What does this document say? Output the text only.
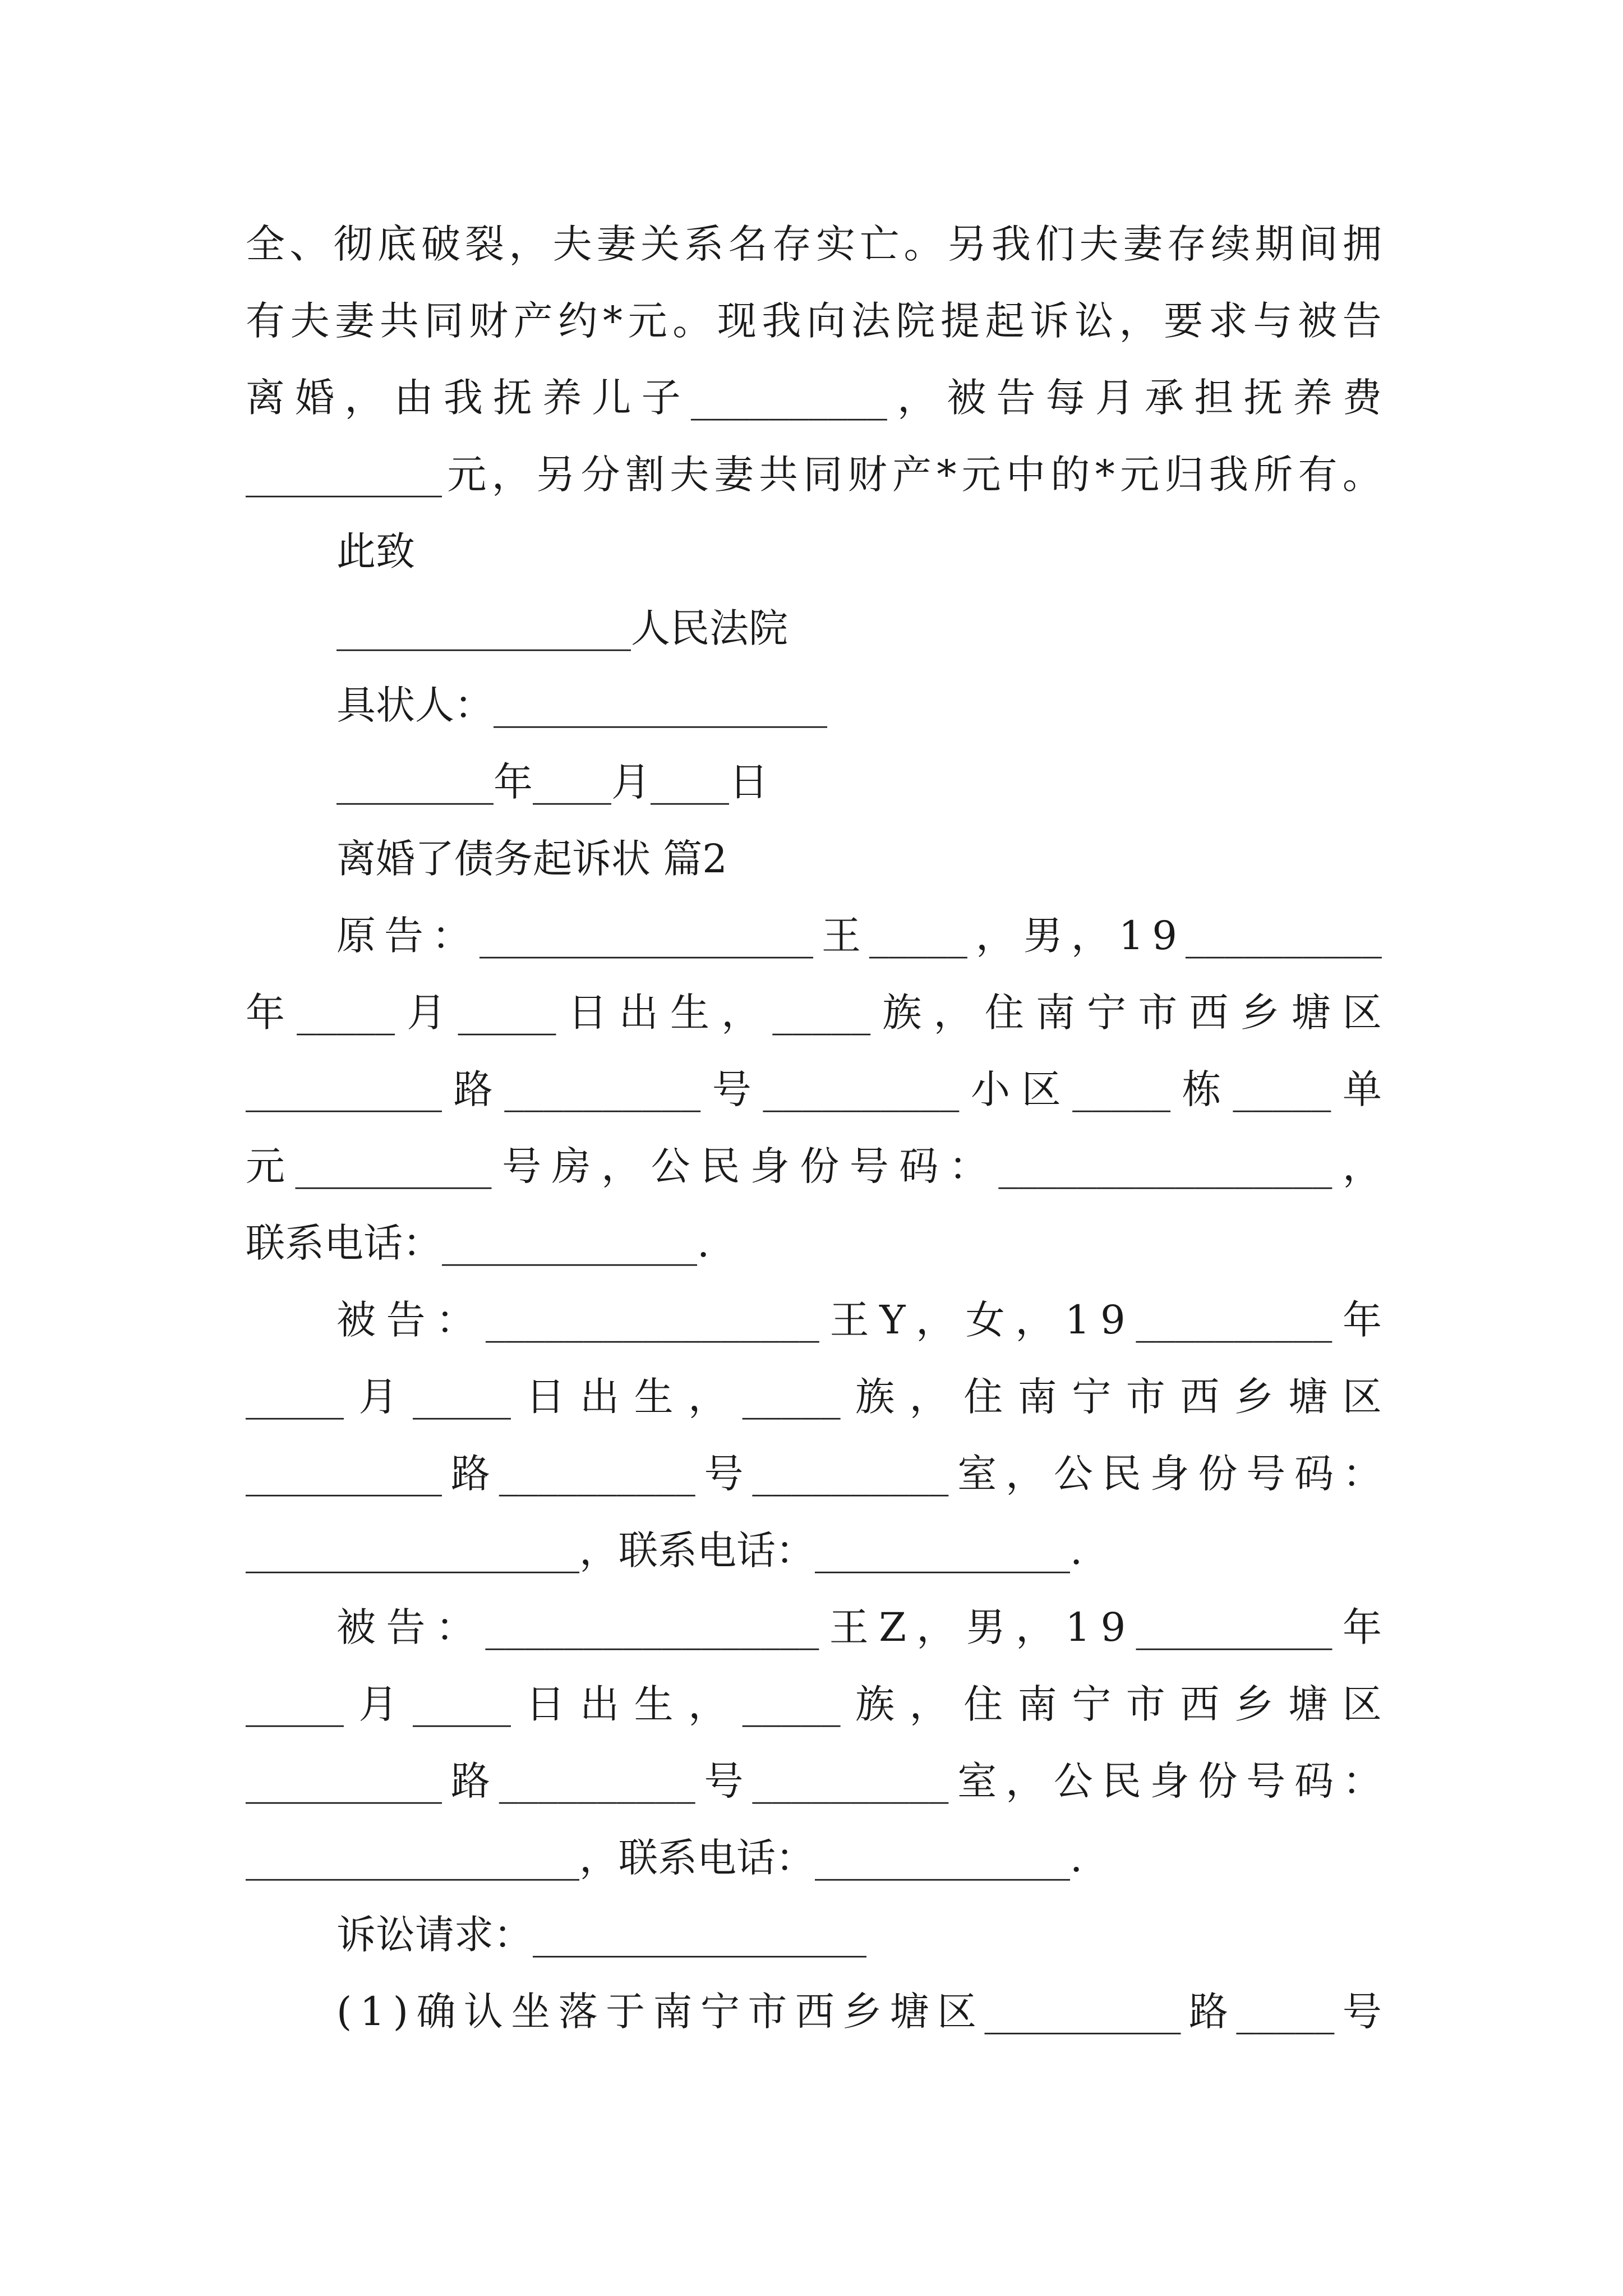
全 、 彻 底 破 裂 ， 夫 妻 关 系 名 存 实 亡 。 另 我 们 夫 妻 存 续 期 间 拥
有 夫 妻 共 同 财 产 约 * 元 。 现 我 向 法 院 提 起 诉 讼 ， 要 求 与 被 告
离 婚 ， 由 我 抚 养 儿 子 __________ ， 被 告 每 月 承 担 抚 养 费
__________ 元 ， 另 分 割 夫 妻 共 同 财 产 * 元 中 的 * 元 归 我 所 有 。
此致
_______________人民法院
具状人：_________________
________年____月____日
离婚了债务起诉状 篇2
原 告 ： _________________ 王 _____ ， 男 ， 1 9 __________
年 _____ 月 _____ 日 出 生 ， _____ 族 ， 住 南 宁 市 西 乡 塘 区
__________ 路 __________ 号 __________ 小 区 _____ 栋 _____ 单
元 __________ 号 房 ， 公 民 身 份 号 码 ： _________________ ，
联系电话：_____________.
被 告 ： _________________ 王 Y ， 女 ， 1 9 __________ 年
_____ 月 _____ 日 出 生 ， _____ 族 ， 住 南 宁 市 西 乡 塘 区
__________ 路 __________ 号 __________ 室 ， 公 民 身 份 号 码 ：
_________________，联系电话：_____________.
被 告 ： _________________ 王 Z ， 男 ， 1 9 __________ 年
_____ 月 _____ 日 出 生 ， _____ 族 ， 住 南 宁 市 西 乡 塘 区
__________ 路 __________ 号 __________ 室 ， 公 民 身 份 号 码 ：
_________________，联系电话：_____________.
诉讼请求：_________________
( 1 ) 确 认 坐 落 于 南 宁 市 西 乡 塘 区 __________ 路 _____ 号
